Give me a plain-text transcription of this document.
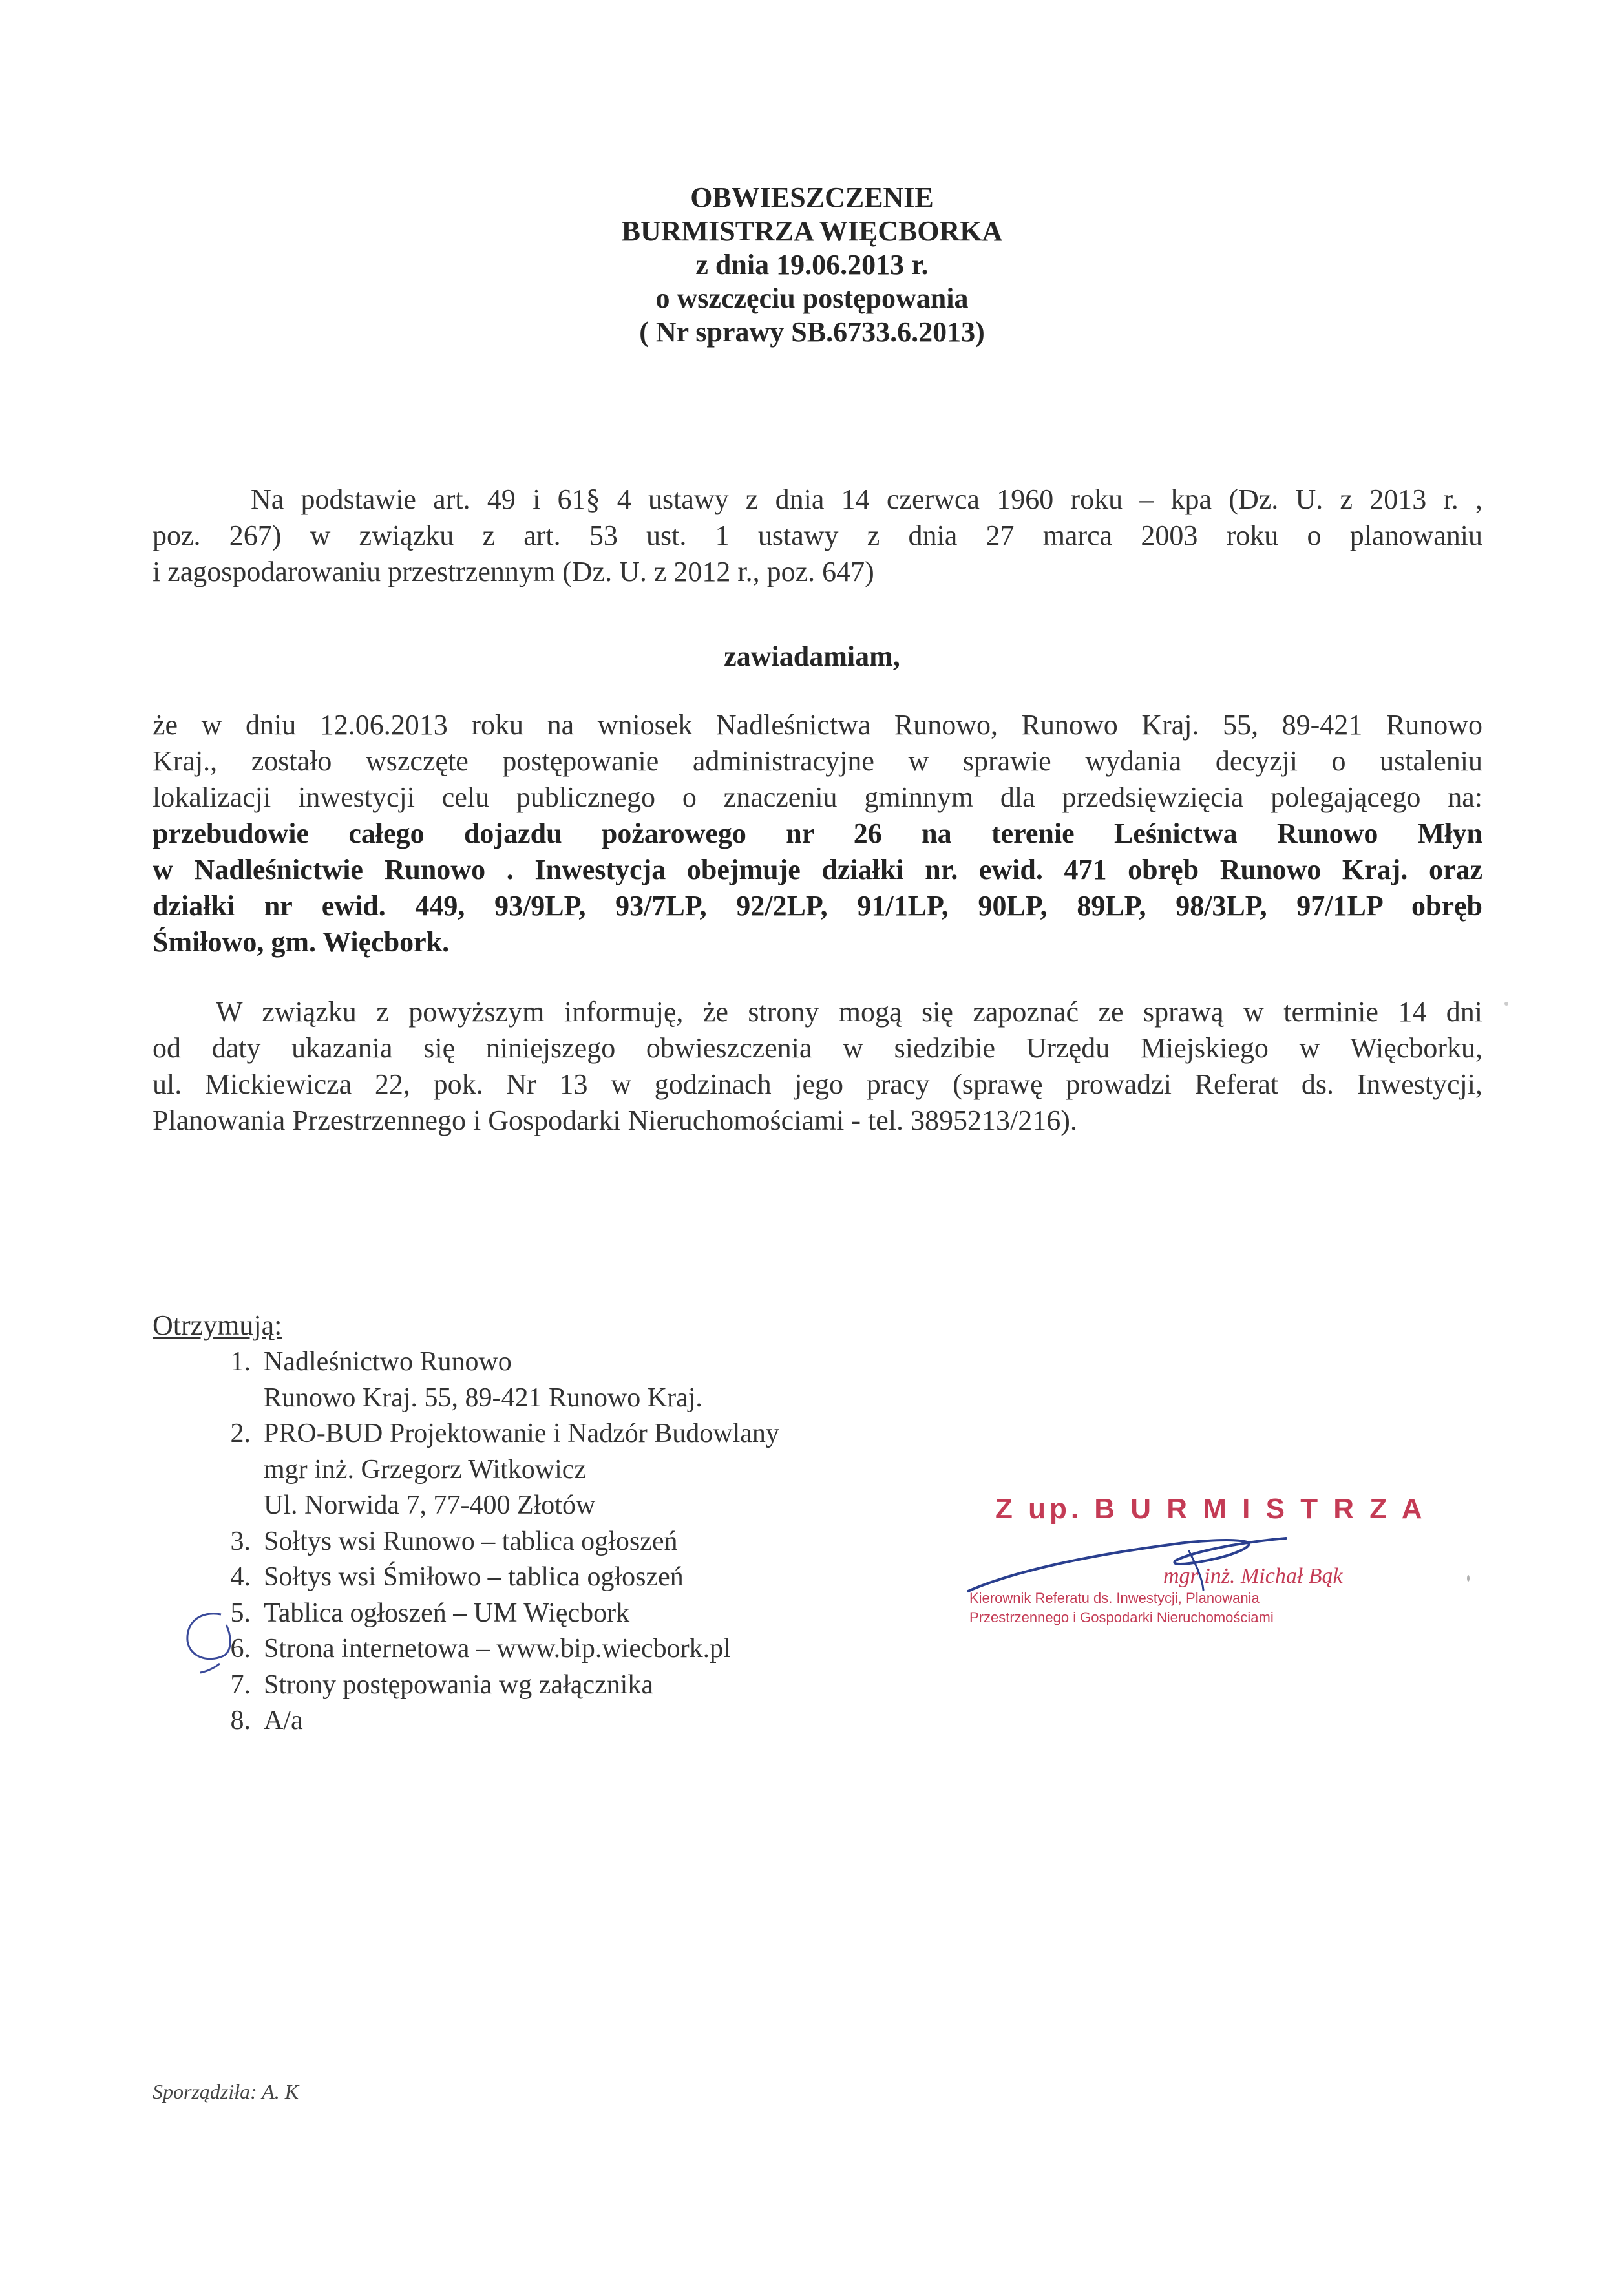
OBWIESZCZENIE
BURMISTRZA WIĘCBORKA
z dnia 19.06.2013 r.
o wszczęciu postępowania
( Nr sprawy SB.6733.6.2013)
Na podstawie art. 49 i 61§ 4 ustawy z dnia 14 czerwca 1960 roku – kpa (Dz. U. z 2013 r. ,
poz. 267) w związku z art. 53 ust. 1 ustawy z dnia 27 marca 2003 roku o planowaniu
i zagospodarowaniu przestrzennym (Dz. U. z 2012 r., poz. 647)
zawiadamiam,
że w dniu 12.06.2013 roku na wniosek Nadleśnictwa Runowo, Runowo Kraj. 55, 89-421 Runowo
Kraj., zostało wszczęte postępowanie administracyjne w sprawie wydania decyzji o ustaleniu
lokalizacji inwestycji celu publicznego o znaczeniu gminnym dla przedsięwzięcia polegającego na:
przebudowie całego dojazdu pożarowego nr 26 na terenie Leśnictwa Runowo Młyn
w Nadleśnictwie Runowo . Inwestycja obejmuje działki nr. ewid. 471 obręb Runowo Kraj. oraz
działki nr ewid. 449, 93/9LP, 93/7LP, 92/2LP, 91/1LP, 90LP, 89LP, 98/3LP, 97/1LP obręb
Śmiłowo, gm. Więcbork.
W związku z powyższym informuję, że strony mogą się zapoznać ze sprawą w terminie 14 dni
od daty ukazania się niniejszego obwieszczenia w siedzibie Urzędu Miejskiego w Więcborku,
ul. Mickiewicza 22, pok. Nr 13 w godzinach jego pracy (sprawę prowadzi Referat ds. Inwestycji,
Planowania Przestrzennego i Gospodarki Nieruchomościami - tel. 3895213/216).
Otrzymują:
1. Nadleśnictwo Runowo
Runowo Kraj. 55, 89-421 Runowo Kraj.
2. PRO-BUD Projektowanie i Nadzór Budowlany
mgr inż. Grzegorz Witkowicz
Ul. Norwida 7, 77-400 Złotów
3. Sołtys wsi Runowo – tablica ogłoszeń
4. Sołtys wsi Śmiłowo – tablica ogłoszeń
5. Tablica ogłoszeń – UM Więcbork
6. Strona internetowa – www.bip.wiecbork.pl
7. Strony postępowania wg załącznika
8. A/a
Z up. B U R M I S T R Z A
mgr inż. Michał Bąk
Kierownik Referatu ds. Inwestycji, Planowania
Przestrzennego i Gospodarki Nieruchomościami
Sporządziła: A. K
